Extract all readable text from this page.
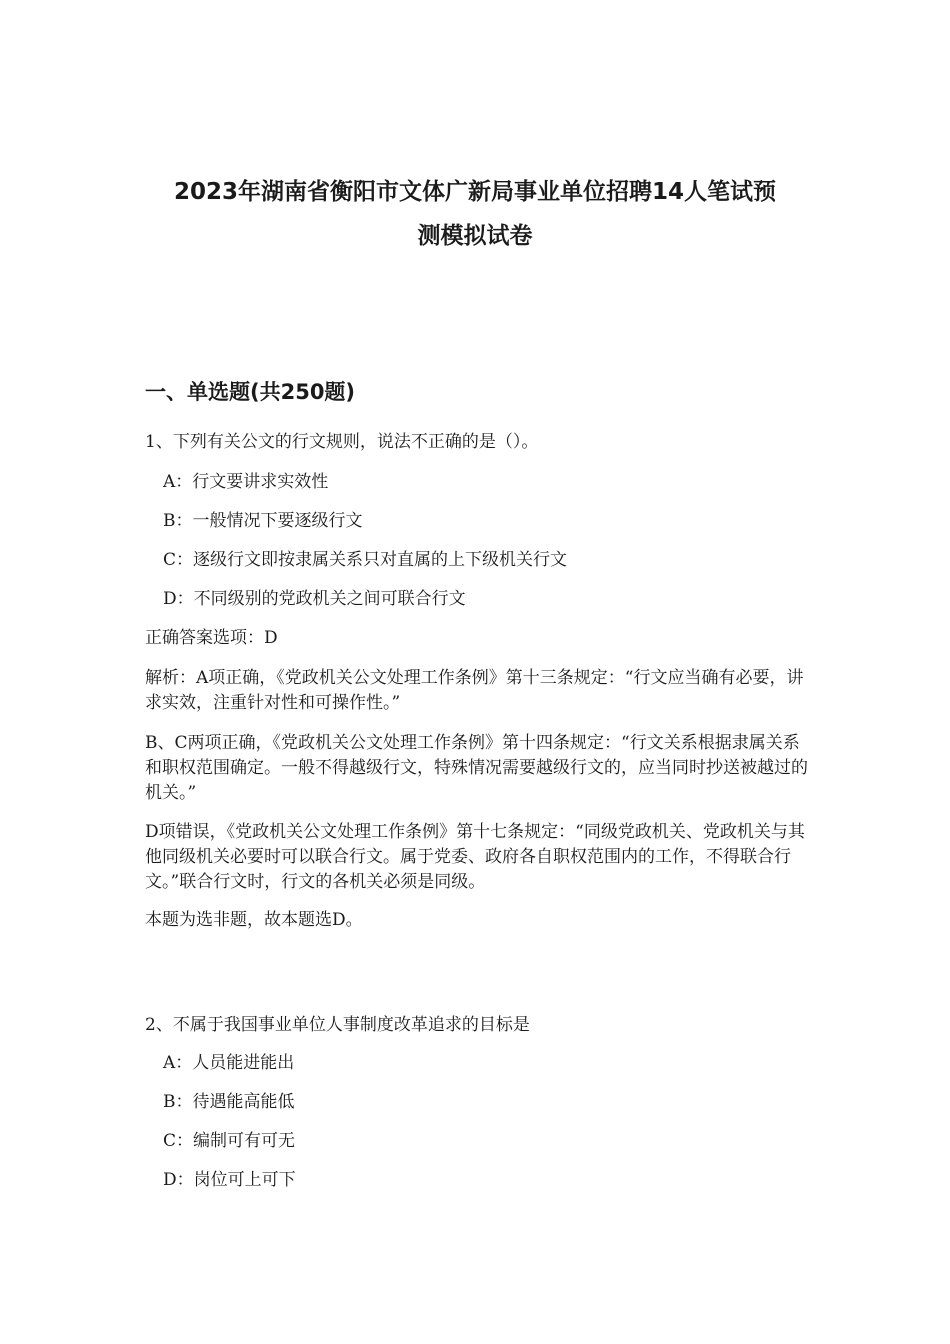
2023年湖南省衡阳市文体广新局事业单位招聘14人笔试预
测模拟试卷
一、单选题(共250题)

1、下列有关公文的行文规则，说法不正确的是（）。

A：行文要讲求实效性

B：一般情况下要逐级行文

C：逐级行文即按隶属关系只对直属的上下级机关行文

D：不同级别的党政机关之间可联合行文

正确答案选项：D

解析：A项正确，《党政机关公文处理工作条例》第十三条规定：“行文应当确有必要，讲求实效，注重针对性和可操作性。”

B、C两项正确，《党政机关公文处理工作条例》第十四条规定：“行文关系根据隶属关系和职权范围确定。一般不得越级行文，特殊情况需要越级行文的，应当同时抄送被越过的机关。”

D项错误，《党政机关公文处理工作条例》第十七条规定：“同级党政机关、党政机关与其他同级机关必要时可以联合行文。属于党委、政府各自职权范围内的工作，不得联合行文。”联合行文时，行文的各机关必须是同级。

本题为选非题，故本题选D。

2、不属于我国事业单位人事制度改革追求的目标是

A：人员能进能出

B：待遇能高能低

C：编制可有可无

D：岗位可上可下
